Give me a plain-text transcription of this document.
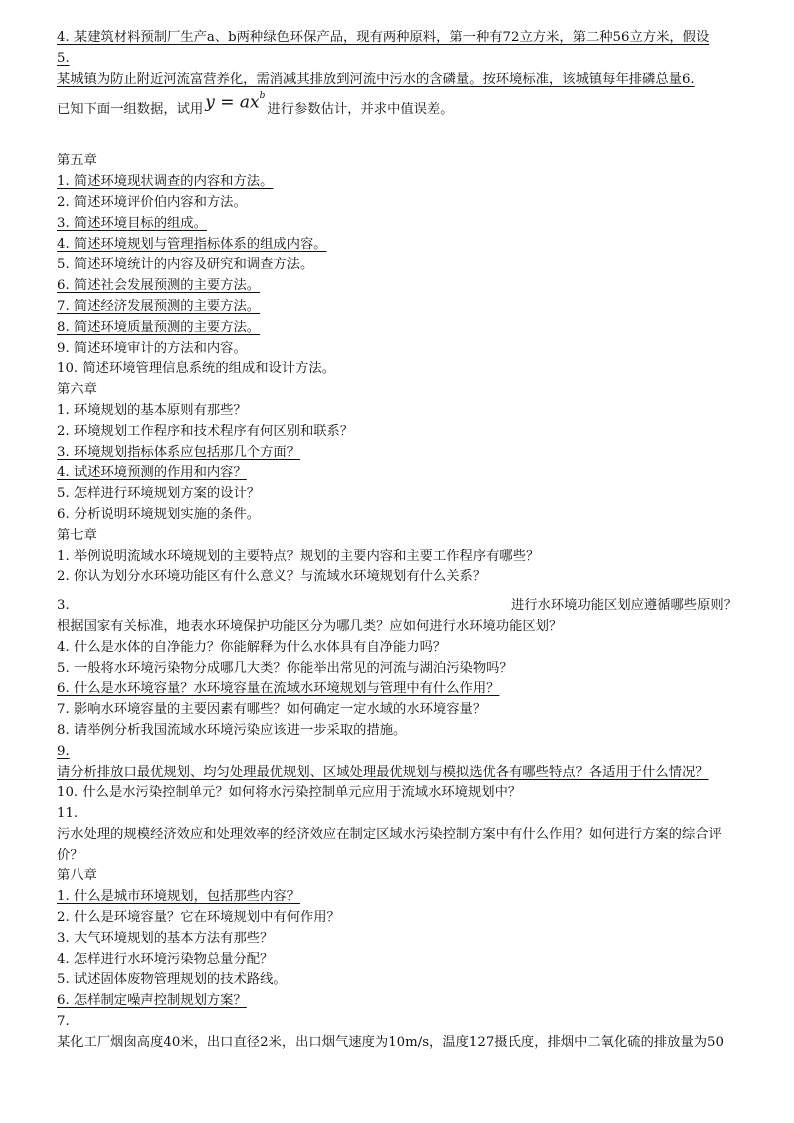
4. 某建筑材料预制厂生产a、b两种绿色环保产品，现有两种原料，第一种有72立方米，第二种56立方米，假设
5.
某城镇为防止附近河流富营养化，需消减其排放到河流中污水的含磷量。按环境标准，该城镇每年排磷总量6.
已知下面一组数据，试用 $y = ax^b$
进行参数估计，并求中值误差。
第五章
1. 简述环境现状调查的内容和方法。
2. 简述环境评价伯内容和方法。
3. 简述环境目标的组成。
4. 简述环境规划与管理指标体系的组成内容。
5. 简述环境统计的内容及研究和调查方法。
6. 简述社会发展预测的主要方法。
7. 简述经济发展预测的主要方法。
8. 简述环境质量预测的主要方法。
9. 简述环境审计的方法和内容。
10. 简述环境管理信息系统的组成和设计方法。
第六章
1. 环境规划的基本原则有那些？
2. 环境规划工作程序和技术程序有何区别和联系？
3. 环境规划指标体系应包括那几个方面？
4. 试述环境预测的作用和内容？
5. 怎样进行环境规划方案的设计？
6. 分析说明环境规划实施的条件。
第七章
1. 举例说明流域水环境规划的主要特点？规划的主要内容和主要工作程序有哪些？
2. 你认为划分水环境功能区有什么意义？与流域水环境规划有什么关系？
3.	进行水环境功能区划应遵循哪些原则？
根据国家有关标准，地表水环境保护功能区分为哪几类？应如何进行水环境功能区划？
4. 什么是水体的自净能力？你能解释为什么水体具有自净能力吗？
5. 一般将水环境污染物分成哪几大类？你能举出常见的河流与湖泊污染物吗？
6. 什么是水环境容量？水环境容量在流域水环境规划与管理中有什么作用？
7. 影响水环境容量的主要因素有哪些？如何确定一定水域的水环境容量？
8. 请举例分析我国流域水环境污染应该进一步采取的措施。
9.
请分析排放口最优规划、均匀处理最优规划、区域处理最优规划与模拟选优各有哪些特点？各适用于什么情况？
10. 什么是水污染控制单元？如何将水污染控制单元应用于流域水环境规划中？
11.
污水处理的规模经济效应和处理效率的经济效应在制定区域水污染控制方案中有什么作用？如何进行方案的综合评价？
第八章
1. 什么是城市环境规划，包括那些内容？
2. 什么是环境容量？它在环境规划中有何作用？
3. 大气环境规划的基本方法有那些？
4. 怎样进行水环境污染物总量分配？
5. 试述固体废物管理规划的技术路线。
6. 怎样制定噪声控制规划方案？
7.
某化工厂烟囱高度40米，出口直径2米，出口烟气速度为10m/s，温度127摄氏度，排烟中二氧化硫的排放量为50
